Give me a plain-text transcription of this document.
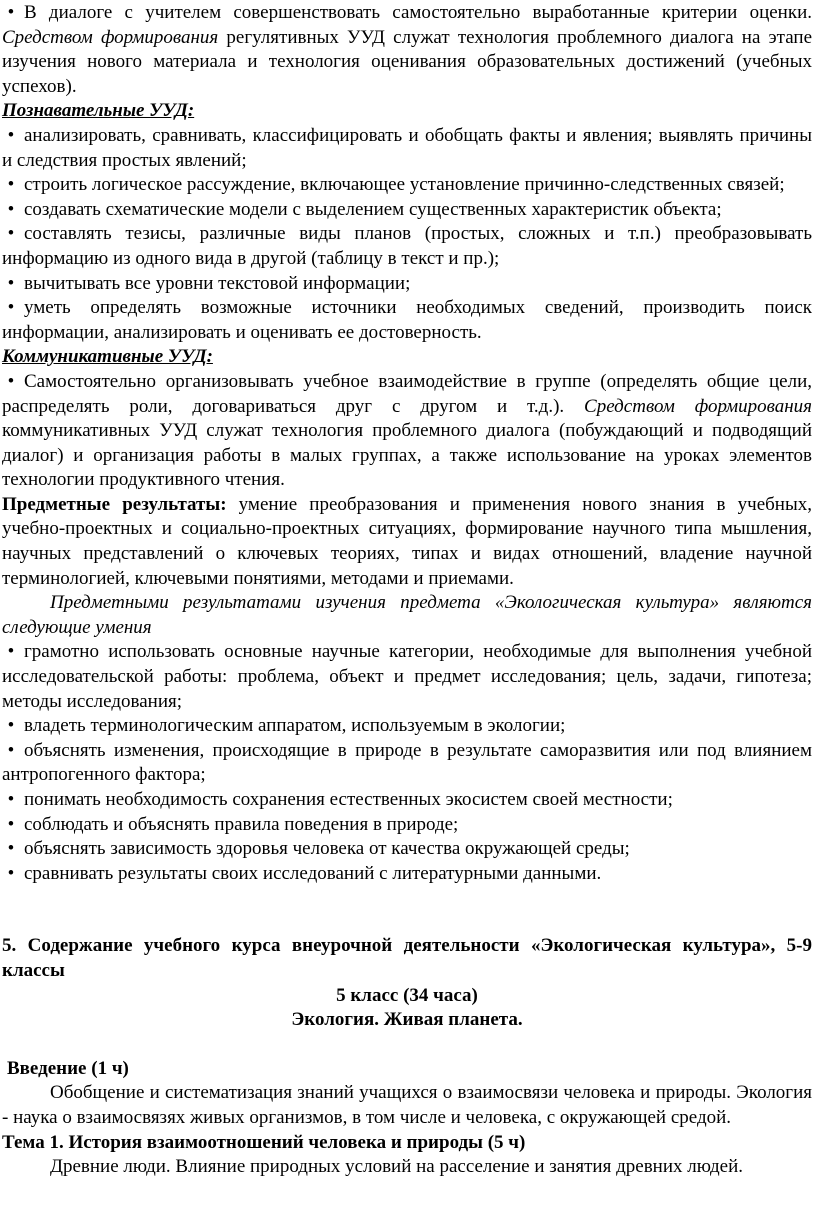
• В диалоге с учителем совершенствовать самостоятельно выработанные критерии оценки. Средством формирования регулятивных УУД служат технология проблемного диалога на этапе изучения нового материала и технология оценивания образовательных достижений (учебных успехов).

Познавательные УУД:

• анализировать, сравнивать, классифицировать и обобщать факты и явления; выявлять причины и следствия простых явлений;

• строить логическое рассуждение, включающее установление причинно-следственных связей;

• создавать схематические модели с выделением существенных характеристик объекта;

• составлять тезисы, различные виды планов (простых, сложных и т.п.) преобразовывать информацию из одного вида в другой (таблицу в текст и пр.);

• вычитывать все уровни текстовой информации;

• уметь определять возможные источники необходимых сведений, производить поиск информации, анализировать и оценивать ее достоверность.

Коммуникативные УУД:

• Самостоятельно организовывать учебное взаимодействие в группе (определять общие цели, распределять роли, договариваться друг с другом и т.д.). Средством формирования коммуникативных УУД служат технология проблемного диалога (побуждающий и подводящий диалог) и организация работы в малых группах, а также использование на уроках элементов технологии продуктивного чтения.

Предметные результаты: умение преобразования и применения нового знания в учебных, учебно-проектных и социально-проектных ситуациях, формирование научного типа мышления, научных представлений о ключевых теориях, типах и видах отношений, владение научной терминологией, ключевыми понятиями, методами и приемами.

Предметными результатами изучения предмета «Экологическая культура» являются следующие умения

• грамотно использовать основные научные категории, необходимые для выполнения учебной исследовательской работы: проблема, объект и предмет исследования; цель, задачи, гипотеза; методы исследования;

• владеть терминологическим аппаратом, используемым в экологии;

• объяснять изменения, происходящие в природе в результате саморазвития или под влиянием антропогенного фактора;

• понимать необходимость сохранения естественных экосистем своей местности;

• соблюдать и объяснять правила поведения в природе;

• объяснять зависимость здоровья человека от качества окружающей среды;

• сравнивать результаты своих исследований с литературными данными.

5. Содержание учебного курса внеурочной деятельности «Экологическая культура», 5-9 классы

5 класс (34 часа)

Экология. Живая планета.

Введение (1 ч)

Обобщение и систематизация знаний учащихся о взаимосвязи человека и природы. Экология - наука о взаимосвязях живых организмов, в том числе и человека, с окружающей средой.

Тема 1. История взаимоотношений человека и природы (5 ч)

Древние люди. Влияние природных условий на расселение и занятия древних людей.
